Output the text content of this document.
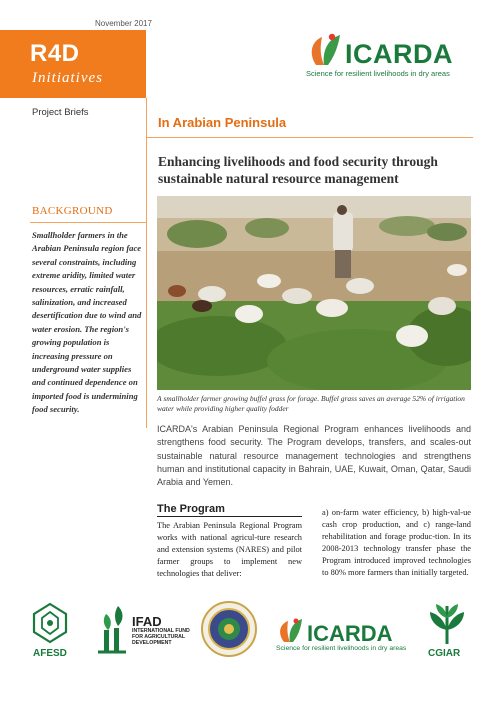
November 2017
R4D
Initiatives
Project Briefs
ICARDA
Science for resilient livelihoods in dry areas
In Arabian Peninsula
Enhancing livelihoods and food security through sustainable natural resource management
BACKGROUND
Smallholder farmers in the Arabian Peninsula region face several constraints, including extreme aridity, limited water resources, erratic rainfall, salinization, and increased desertification due to wind and water erosion. The region's growing population is increasing pressure on underground water supplies and continued dependence on imported food is undermining food security.
A smallholder farmer growing buffel grass for forage. Buffel grass saves an average 52% of irrigation water while providing higher quality fodder
ICARDA's Arabian Peninsula Regional Program enhances livelihoods and strengthens food security. The Program develops, transfers, and scales-out sustainable natural resource management technologies and strengthens human and institutional capacity in Bahrain, UAE, Kuwait, Oman, Qatar, Saudi Arabia and Yemen.
The Program
The Arabian Peninsula Regional Program works with national agricul-ture research and extension systems (NARES) and pilot farmer groups to implement new technologies that deliver:
a) on-farm water efficiency, b) high-val-ue cash crop production, and c) range-land rehabilitation and forage produc-tion. In its 2008-2013 technology transfer phase the Program introduced improved technologies to 80% more farmers than initially targeted.
AFESD
IFAD
INTERNATIONAL FUND FOR AGRICULTURAL DEVELOPMENT	ICARDA
Science for resilient livelihoods in dry areas CGIAR
